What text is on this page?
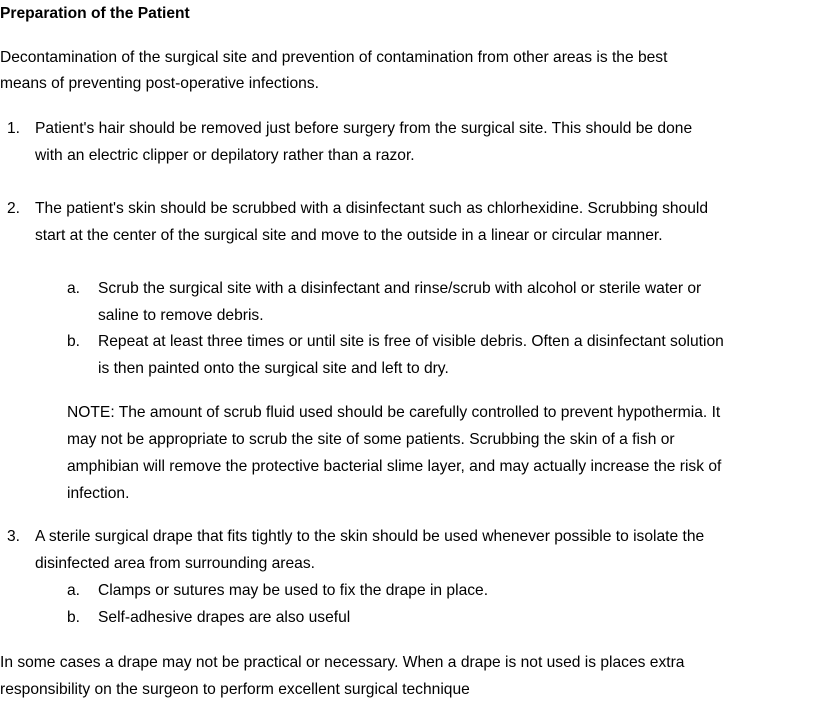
Preparation of the Patient
Decontamination of the surgical site and prevention of contamination from other areas is the best
means of preventing post-operative infections.
1. Patient's hair should be removed just before surgery from the surgical site. This should be done
with an electric clipper or depilatory rather than a razor.
2. The patient's skin should be scrubbed with a disinfectant such as chlorhexidine. Scrubbing should
start at the center of the surgical site and move to the outside in a linear or circular manner.
a. Scrub the surgical site with a disinfectant and rinse/scrub with alcohol or sterile water or
saline to remove debris.
b. Repeat at least three times or until site is free of visible debris. Often a disinfectant solution
is then painted onto the surgical site and left to dry.
NOTE: The amount of scrub fluid used should be carefully controlled to prevent hypothermia. It
may not be appropriate to scrub the site of some patients. Scrubbing the skin of a fish or
amphibian will remove the protective bacterial slime layer, and may actually increase the risk of
infection.
3. A sterile surgical drape that fits tightly to the skin should be used whenever possible to isolate the
disinfected area from surrounding areas.
a. Clamps or sutures may be used to fix the drape in place.
b. Self-adhesive drapes are also useful
In some cases a drape may not be practical or necessary. When a drape is not used is places extra
responsibility on the surgeon to perform excellent surgical technique
